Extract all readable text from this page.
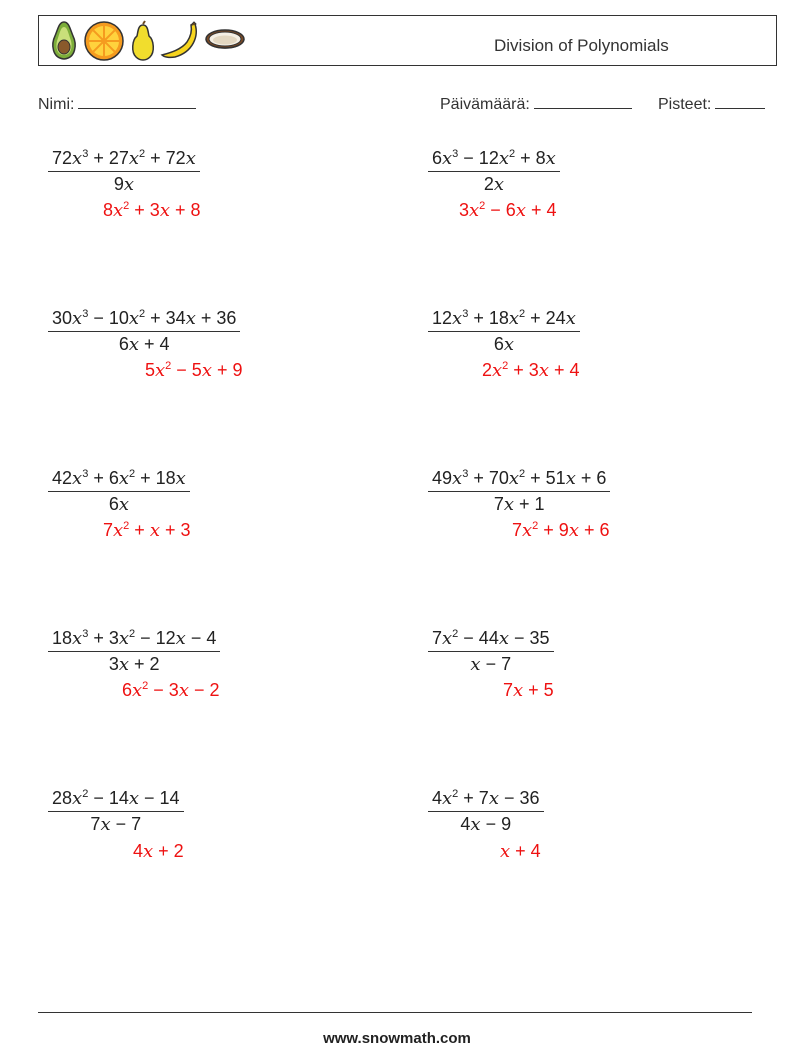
Division of Polynomials
Nimi:	Päivämäärä:	Pisteet:
$\frac{72x^3 + 27x^2 + 72x}{9x}$
$8x^2 + 3x + 8$
$\frac{6x^3 - 12x^2 + 8x}{2x}$
$3x^2 - 6x + 4$
$\frac{30x^3 - 10x^2 + 34x + 36}{6x + 4}$
$5x^2 - 5x + 9$
$\frac{12x^3 + 18x^2 + 24x}{6x}$
$2x^2 + 3x + 4$
$\frac{42x^3 + 6x^2 + 18x}{6x}$
$7x^2 + x + 3$
$\frac{49x^3 + 70x^2 + 51x + 6}{7x + 1}$
$7x^2 + 9x + 6$
$\frac{18x^3 + 3x^2 - 12x - 4}{3x + 2}$
$6x^2 - 3x - 2$
$\frac{7x^2 - 44x - 35}{x - 7}$
7x + 5
$\frac{28x^2 - 14x - 14}{7x - 7}$
4x + 2
$\frac{4x^2 + 7x - 36}{4x - 9}$
x + 4
www.snowmath.com
